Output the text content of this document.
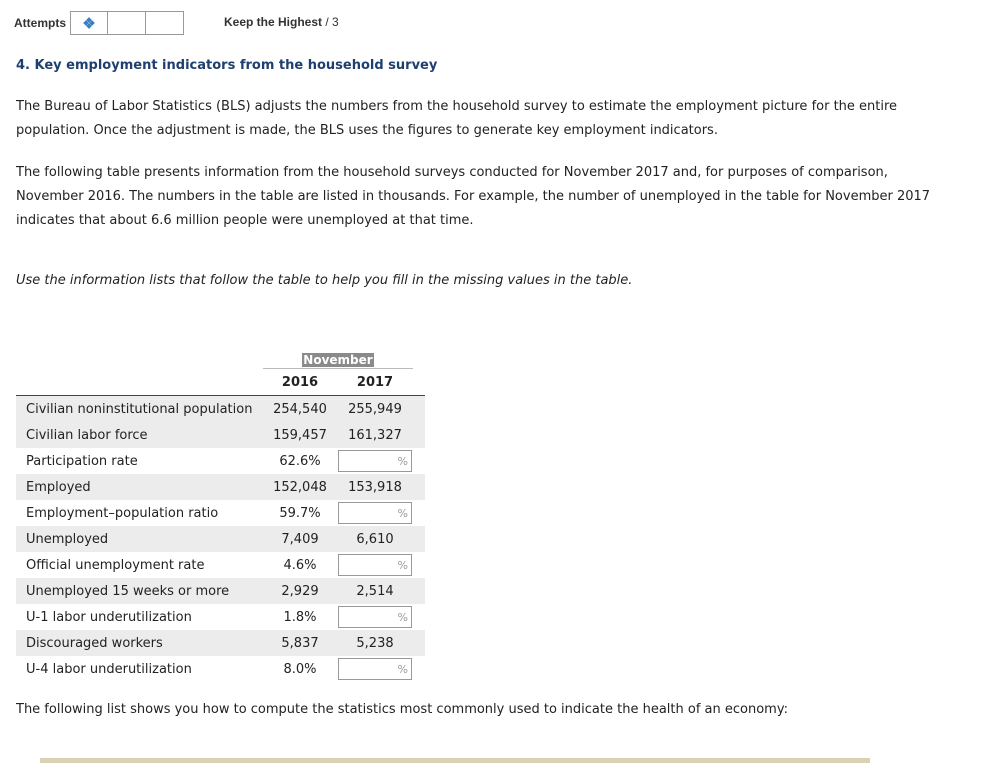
Attempts	Keep the Highest / 3
4. Key employment indicators from the household survey
The Bureau of Labor Statistics (BLS) adjusts the numbers from the household survey to estimate the employment picture for the entire population. Once the adjustment is made, the BLS uses the figures to generate key employment indicators.
The following table presents information from the household surveys conducted for November 2017 and, for purposes of comparison, November 2016. The numbers in the table are listed in thousands. For example, the number of unemployed in the table for November 2017 indicates that about 6.6 million people were unemployed at that time.
Use the information lists that follow the table to help you fill in the missing values in the table.
	November		
	2016	2017	
Civilian noninstitutional population	254,540	255,949	
Civilian labor force	159,457	161,327	
Participation rate	62.6%	%	

Employed	152,048	153,918	
Employment–population ratio	59.7%	%	

Unemployed	7,409	6,610	
Official unemployment rate	4.6%	%	

Unemployed 15 weeks or more	2,929	2,514	
U-1 labor underutilization	1.8%	%	

Discouraged workers	5,837	5,238	
U-4 labor underutilization	8.0%	%	

The following list shows you how to compute the statistics most commonly used to indicate the health of an economy:
